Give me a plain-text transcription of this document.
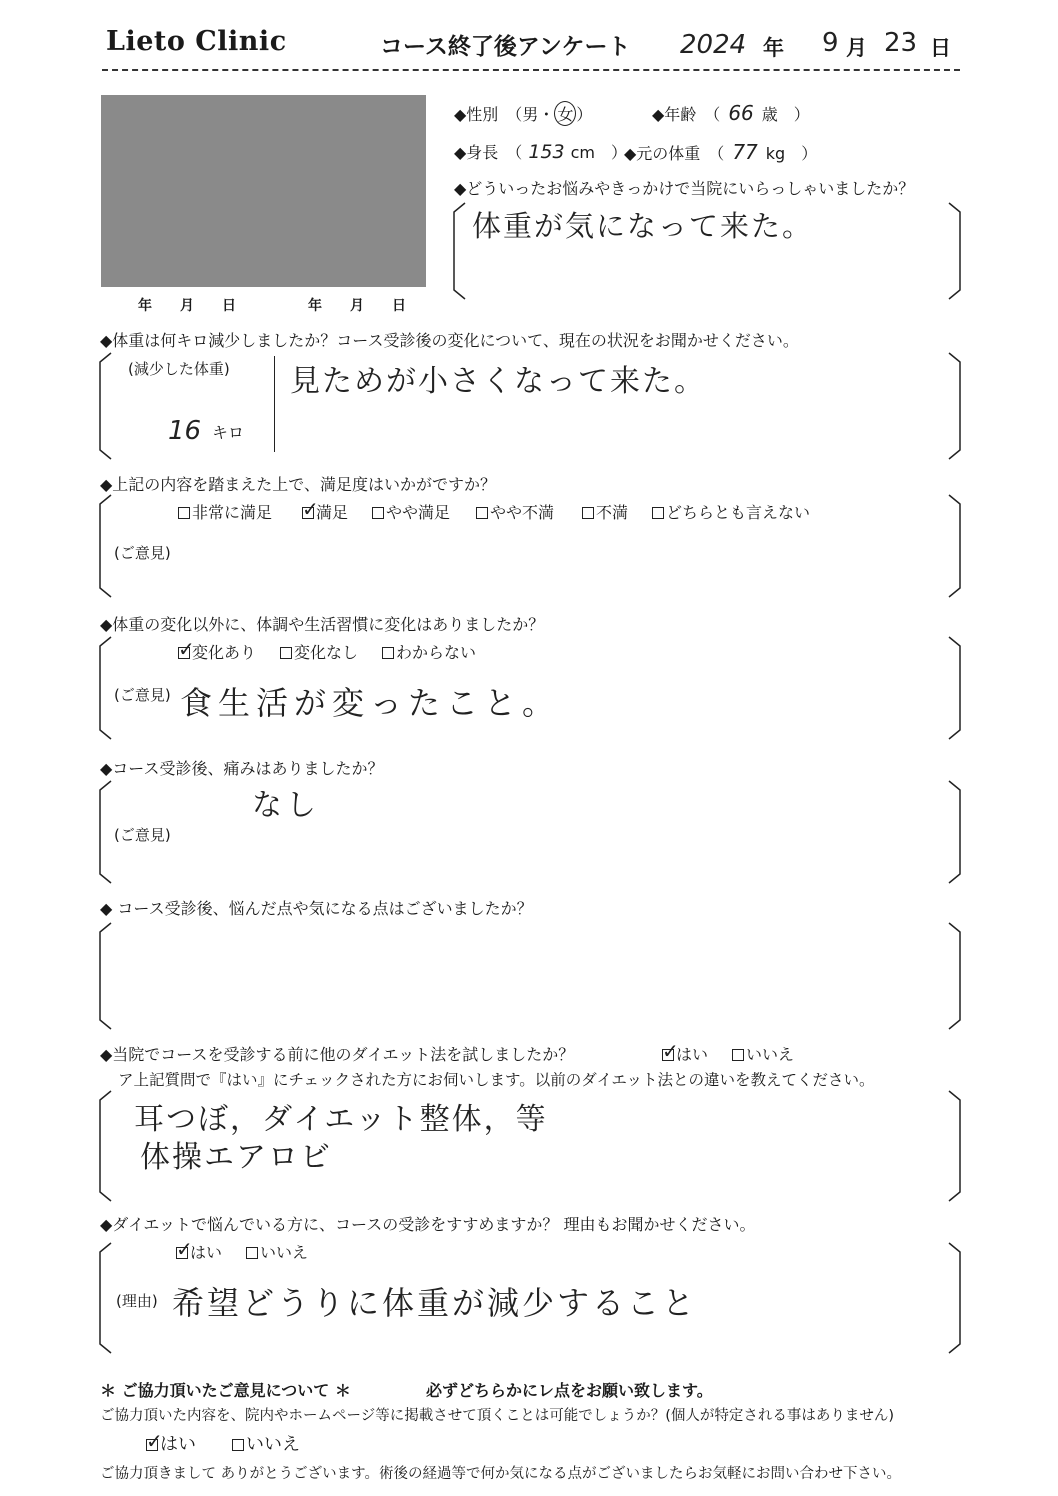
Lieto Clinic	コース終了後アンケート 2024 年 9 月 23 日
年　　月　　日	年　　月　　日
◆性別　（男・ 女 ）	◆年齢　（ 66 歳　）
◆身長　（ 153 cm　）
◆元の体重　（ 77 kg　）
◆どういったお悩みやきっかけで当院にいらっしゃいましたか？
体重が気になって来た。
◆体重は何キロ減少しましたか？コース受診後の変化について、現在の状況をお聞かせください。
(減少した体重)
16 キロ
見ためが小さくなって来た。
◆上記の内容を踏まえた上で、満足度はいかがですか？
非常に満足 ✓	満足	やや満足	やや不満	不満	どちらとも言えない
(ご意見)
◆体重の変化以外に、体調や生活習慣に変化はありましたか？
✓変化あり	変化なし	わからない
(ご意見) 食生活が変ったこと。
◆コース受診後、痛みはありましたか？
なし
(ご意見)
◆ コース受診後、悩んだ点や気になる点はございましたか？
◆当院でコースを受診する前に他のダイエット法を試しましたか？ ✓	はい	いいえ
ア上記質問で『はい』にチェックされた方にお伺いします。以前のダイエット法との違いを教えてください。
耳つぼ，ダイエット整体，等
体操エアロビ
◆ダイエットで悩んでいる方に、コースの受診をすすめますか？ 理由もお聞かせください。
✓はい	いいえ
(理由) 希望どうりに体重が減少すること
＊ ご協力頂いたご意見について ＊	必ずどちらかにレ点をお願い致します。
ご協力頂いた内容を、院内やホームページ等に掲載させて頂くことは可能でしょうか？(個人が特定される事はありません)
✓はい	いいえ
ご協力頂きまして ありがとうございます。術後の経過等で何か気になる点がございましたらお気軽にお問い合わせ下さい。
